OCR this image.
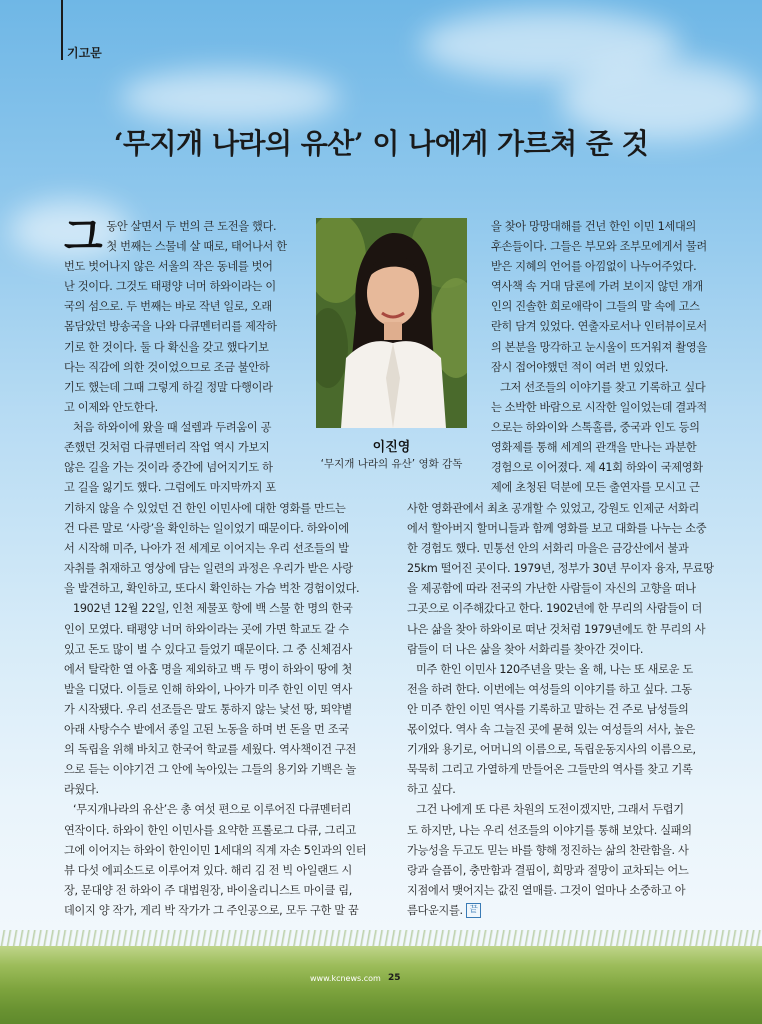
기고문
‘무지개 나라의 유산’ 이 나에게 가르쳐 준 것
그 동안 살면서 두 번의 큰 도전을 했다.
첫 번째는 스물네 살 때로, 태어나서 한
번도 벗어나지 않은 서울의 작은 동네를 벗어
난 것이다. 그것도 태평양 너머 하와이라는 이
국의 섬으로. 두 번째는 바로 작년 일로, 오래
몸담았던 방송국을 나와 다큐멘터리를 제작하
기로 한 것이다. 둘 다 확신을 갖고 했다기보
다는 직감에 의한 것이었으므로 조금 불안하
기도 했는데 그때 그렇게 하길 정말 다행이라
고 이제와 안도한다.
처음 하와이에 왔을 때 설렘과 두려움이 공
존했던 것처럼 다큐멘터리 작업 역시 가보지
않은 길을 가는 것이라 중간에 넘어지기도 하
고 길을 잃기도 했다. 그럼에도 마지막까지 포
이진영
‘무지개 나라의 유산’ 영화 감독
을 찾아 망망대해를 건넌 한인 이민 1세대의
후손들이다. 그들은 부모와 조부모에게서 물려
받은 지혜의 언어를 아낌없이 나누어주었다.
역사책 속 거대 담론에 가려 보이지 않던 개개
인의 진솔한 희로애락이 그들의 말 속에 고스
란히 담겨 있었다. 연출자로서나 인터뷰이로서
의 본분을 망각하고 눈시울이 뜨거워져 촬영을
잠시 접어야했던 적이 여러 번 있었다.
그저 선조들의 이야기를 찾고 기록하고 싶다
는 소박한 바람으로 시작한 일이었는데 결과적
으로는 하와이와 스톡홀름, 중국과 인도 등의
영화제를 통해 세계의 관객을 만나는 과분한
경험으로 이어졌다. 제 41회 하와이 국제영화
제에 초청된 덕분에 모든 출연자를 모시고 근
기하지 않을 수 있었던 건 한인 이민사에 대한 영화를 만드는
건 다른 말로 ‘사랑’을 확인하는 일이었기 때문이다. 하와이에
서 시작해 미주, 나아가 전 세계로 이어지는 우리 선조들의 발
자취를 취재하고 영상에 담는 일련의 과정은 우리가 받은 사랑
을 발견하고, 확인하고, 또다시 확인하는 가슴 벅찬 경험이었다.
1902년 12월 22일, 인천 제물포 항에 백 스물 한 명의 한국
인이 모였다. 태평양 너머 하와이라는 곳에 가면 학교도 갈 수
있고 돈도 많이 벌 수 있다고 들었기 때문이다. 그 중 신체검사
에서 탈락한 열 아홉 명을 제외하고 백 두 명이 하와이 땅에 첫
발을 디뎠다. 이들로 인해 하와이, 나아가 미주 한인 이민 역사
가 시작됐다. 우리 선조들은 말도 통하지 않는 낯선 땅, 뙤약볕
아래 사탕수수 밭에서 종일 고된 노동을 하며 번 돈을 먼 조국
의 독립을 위해 바치고 한국어 학교를 세웠다. 역사책이건 구전
으로 듣는 이야기건 그 안에 녹아있는 그들의 용기와 기백은 놀
라웠다.
‘무지개나라의 유산’은 총 여섯 편으로 이루어진 다큐멘터리
연작이다. 하와이 한인 이민사를 요약한 프롤로그 다큐, 그리고
그에 이어지는 하와이 한인이민 1세대의 직계 자손 5인과의 인터
뷰 다섯 에피소드로 이루어져 있다. 해리 김 전 빅 아일랜드 시
장, 문대양 전 하와이 주 대법원장, 바이올리니스트 마이클 림,
데이지 양 작가, 게리 박 작가가 그 주인공으로, 모두 구한 말 꿈
사한 영화관에서 최초 공개할 수 있었고, 강원도 인제군 서화리
에서 할아버지 할머니들과 함께 영화를 보고 대화를 나누는 소중
한 경험도 했다. 민통선 안의 서화리 마을은 금강산에서 불과
25km 떨어진 곳이다. 1979년, 정부가 30년 무이자 융자, 무료땅
을 제공함에 따라 전국의 가난한 사람들이 자신의 고향을 떠나
그곳으로 이주해갔다고 한다. 1902년에 한 무리의 사람들이 더
나은 삶을 찾아 하와이로 떠난 것처럼 1979년에도 한 무리의 사
람들이 더 나은 삶을 찾아 서화리를 찾아간 것이다.
미주 한인 이민사 120주년을 맞는 올 해, 나는 또 새로운 도
전을 하려 한다. 이번에는 여성들의 이야기를 하고 싶다. 그동
안 미주 한인 이민 역사를 기록하고 말하는 건 주로 남성들의
몫이었다. 역사 속 그늘진 곳에 묻혀 있는 여성들의 서사, 높은
기개와 용기로, 어머니의 이름으로, 독립운동지사의 이름으로,
묵묵히 그리고 가열하게 만들어온 그들만의 역사를 찾고 기록
하고 싶다.
그건 나에게 또 다른 차원의 도전이겠지만, 그래서 두렵기
도 하지만, 나는 우리 선조들의 이야기를 통해 보았다. 실패의
가능성을 두고도 믿는 바를 향해 정진하는 삶의 찬란함을. 사
랑과 슬픔이, 충만함과 결핍이, 희망과 절망이 교차되는 어느
지점에서 맺어지는 값진 열매를. 그것이 얼마나 소중하고 아
름다운지를. 끝
www.kcnews.com 25
